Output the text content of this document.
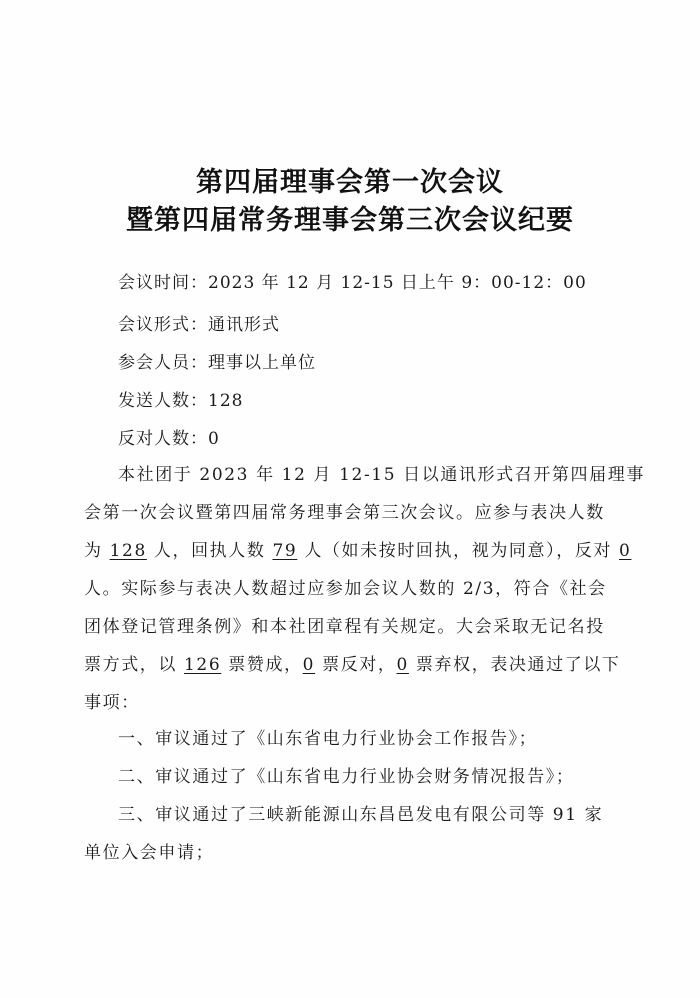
第四届理事会第一次会议
暨第四届常务理事会第三次会议纪要
会议时间：2023 年 12 月 12-15 日上午 9：00-12：00
会议形式：通讯形式
参会人员：理事以上单位
发送人数：128
反对人数：0
本社团于 2023 年 12 月 12-15 日以通讯形式召开第四届理事
会第一次会议暨第四届常务理事会第三次会议。应参与表决人数
为 128 人，回执人数 79 人（如未按时回执，视为同意），反对 0
人。实际参与表决人数超过应参加会议人数的 2/3，符合《社会
团体登记管理条例》和本社团章程有关规定。大会采取无记名投
票方式，以 126 票赞成，0 票反对，0 票弃权，表决通过了以下
事项：
一、审议通过了《山东省电力行业协会工作报告》；
二、审议通过了《山东省电力行业协会财务情况报告》；
三、审议通过了三峡新能源山东昌邑发电有限公司等 91 家
单位入会申请；
